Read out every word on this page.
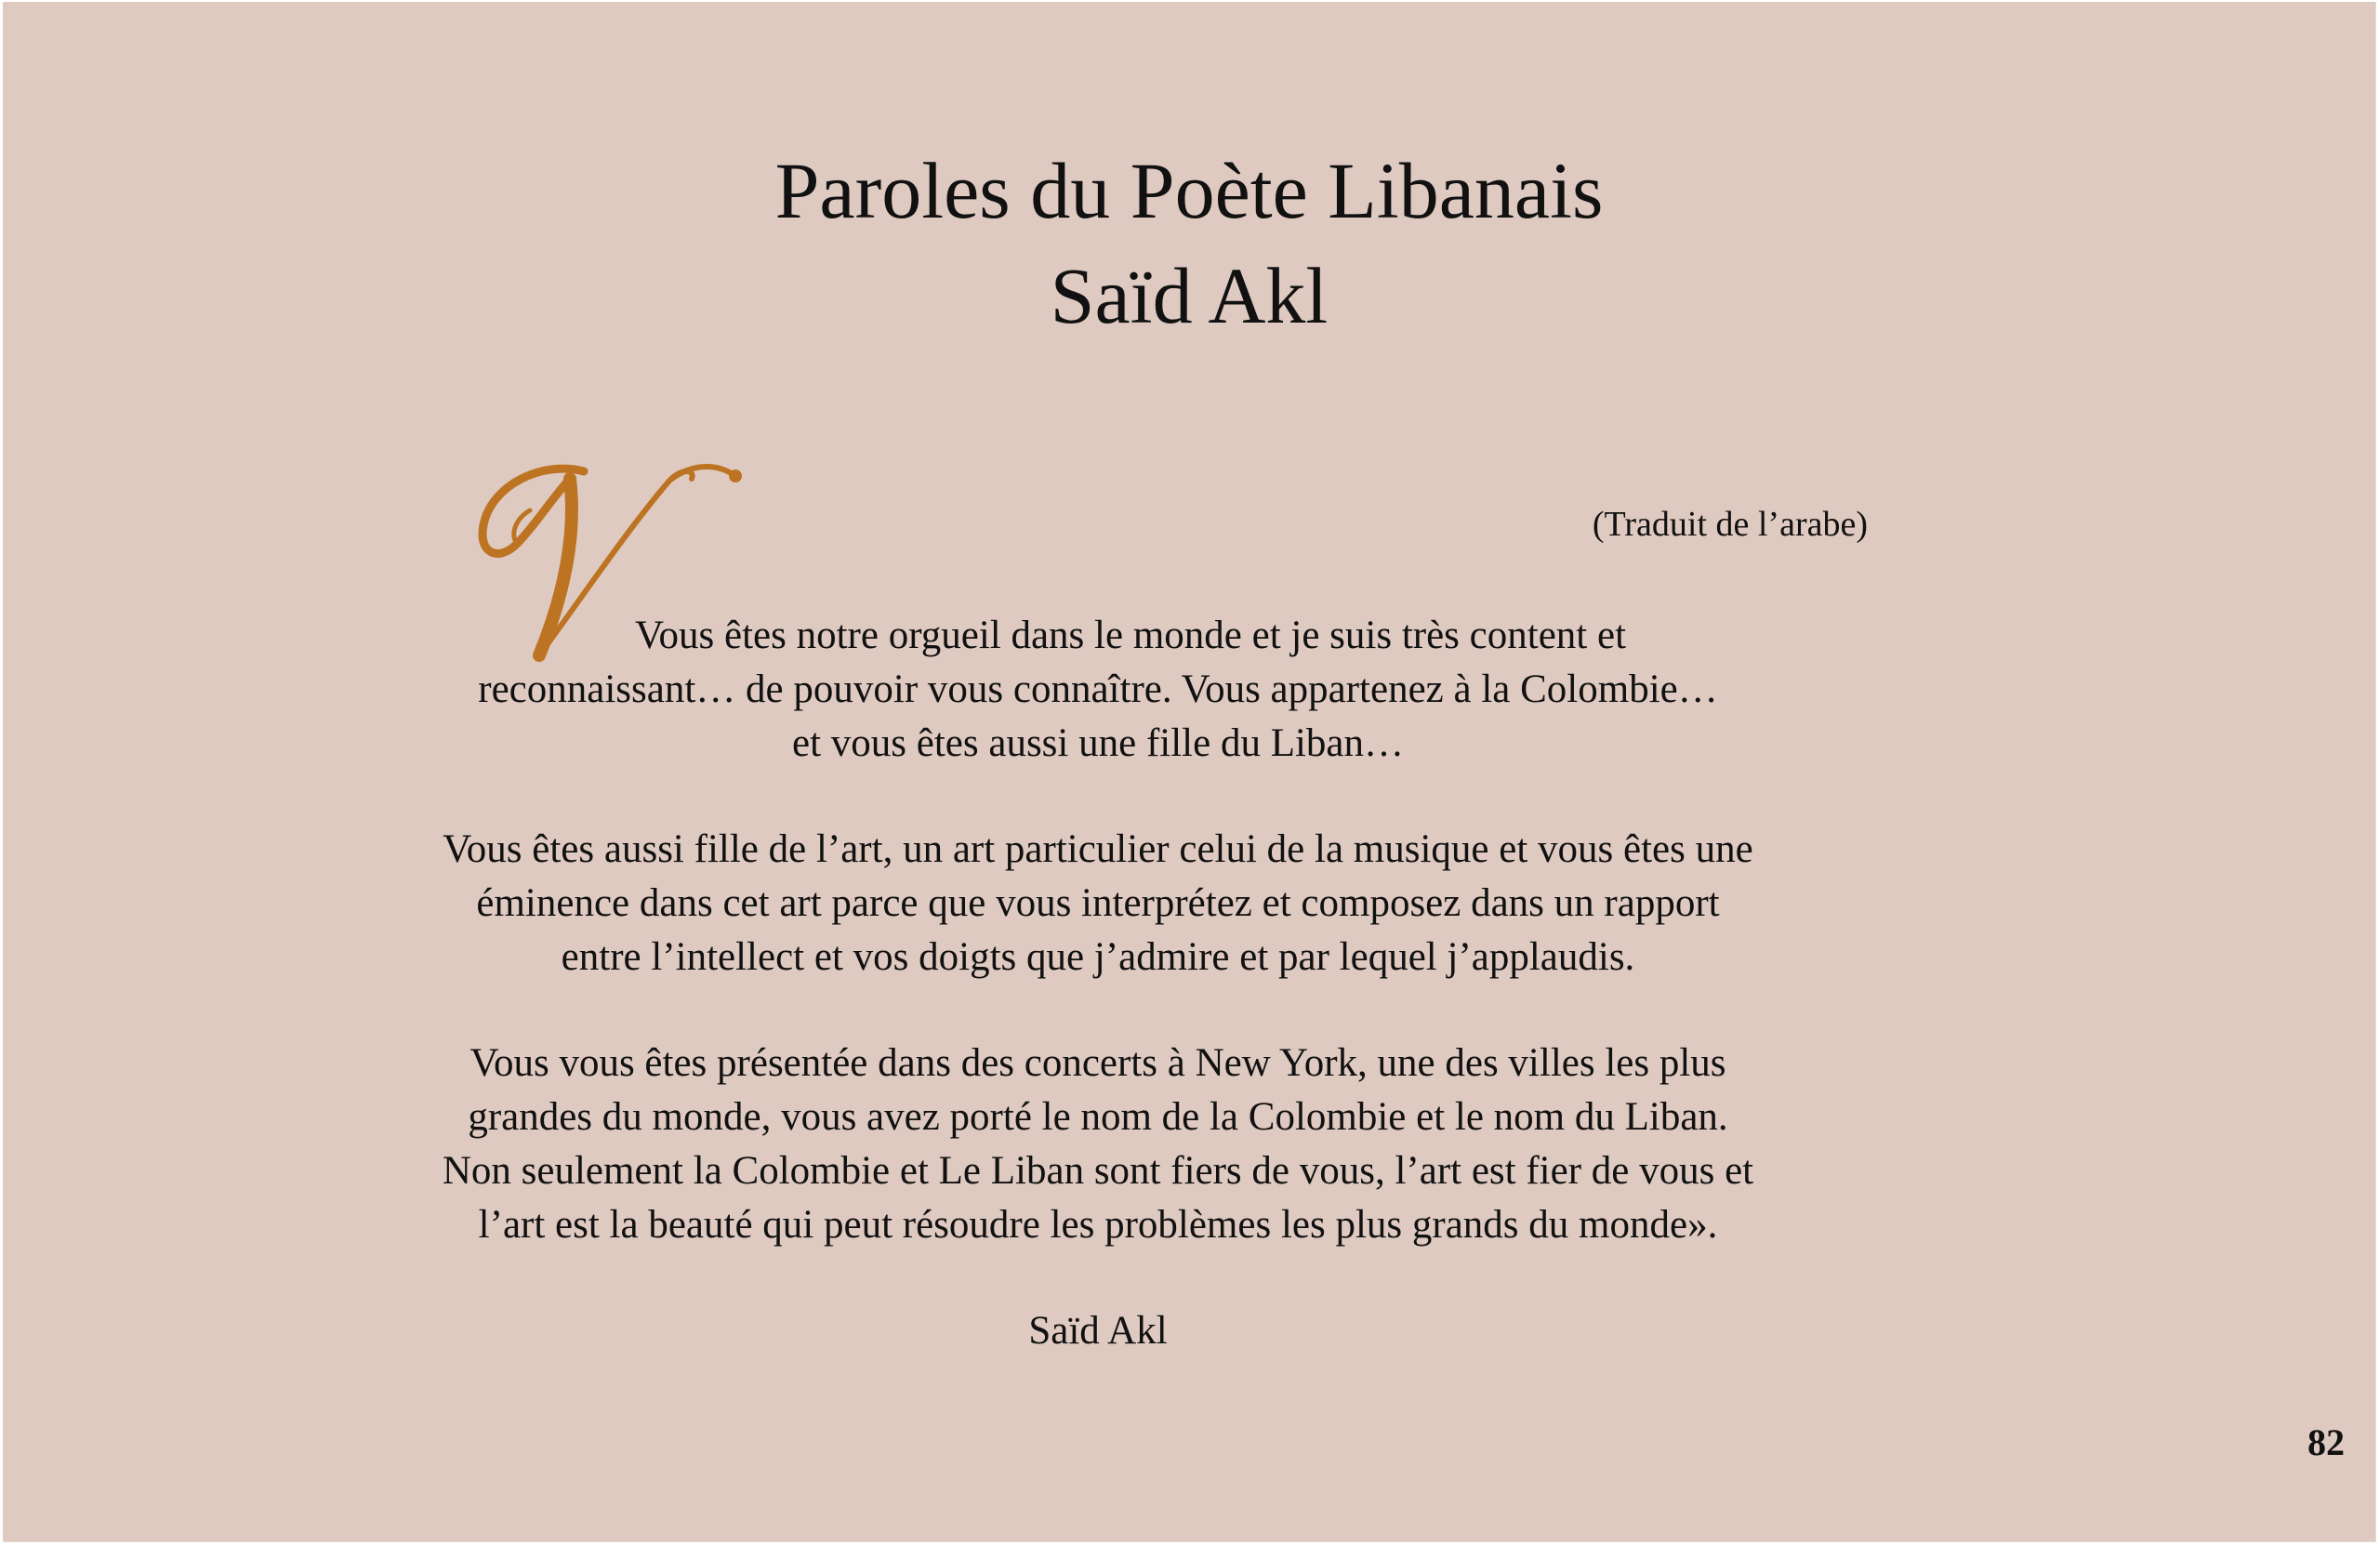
Paroles du Poète Libanais
Saïd Akl
(Traduit de l’arabe)
Vous êtes notre orgueil dans le monde et je suis très content et
reconnaissant… de pouvoir vous connaître. Vous appartenez à la Colombie…
et vous êtes aussi une fille du Liban…
Vous êtes aussi fille de l’art, un art particulier celui de la musique et vous êtes une
éminence dans cet art parce que vous interprétez et composez dans un rapport
entre l’intellect et vos doigts que j’admire et par lequel j’applaudis.
Vous vous êtes présentée dans des concerts à New York, une des villes les plus
grandes du monde, vous avez porté le nom de la Colombie et le nom du Liban.
Non seulement la Colombie et Le Liban sont fiers de vous, l’art est fier de vous et
l’art est la beauté qui peut résoudre les problèmes les plus grands du monde».
Saïd Akl
82
